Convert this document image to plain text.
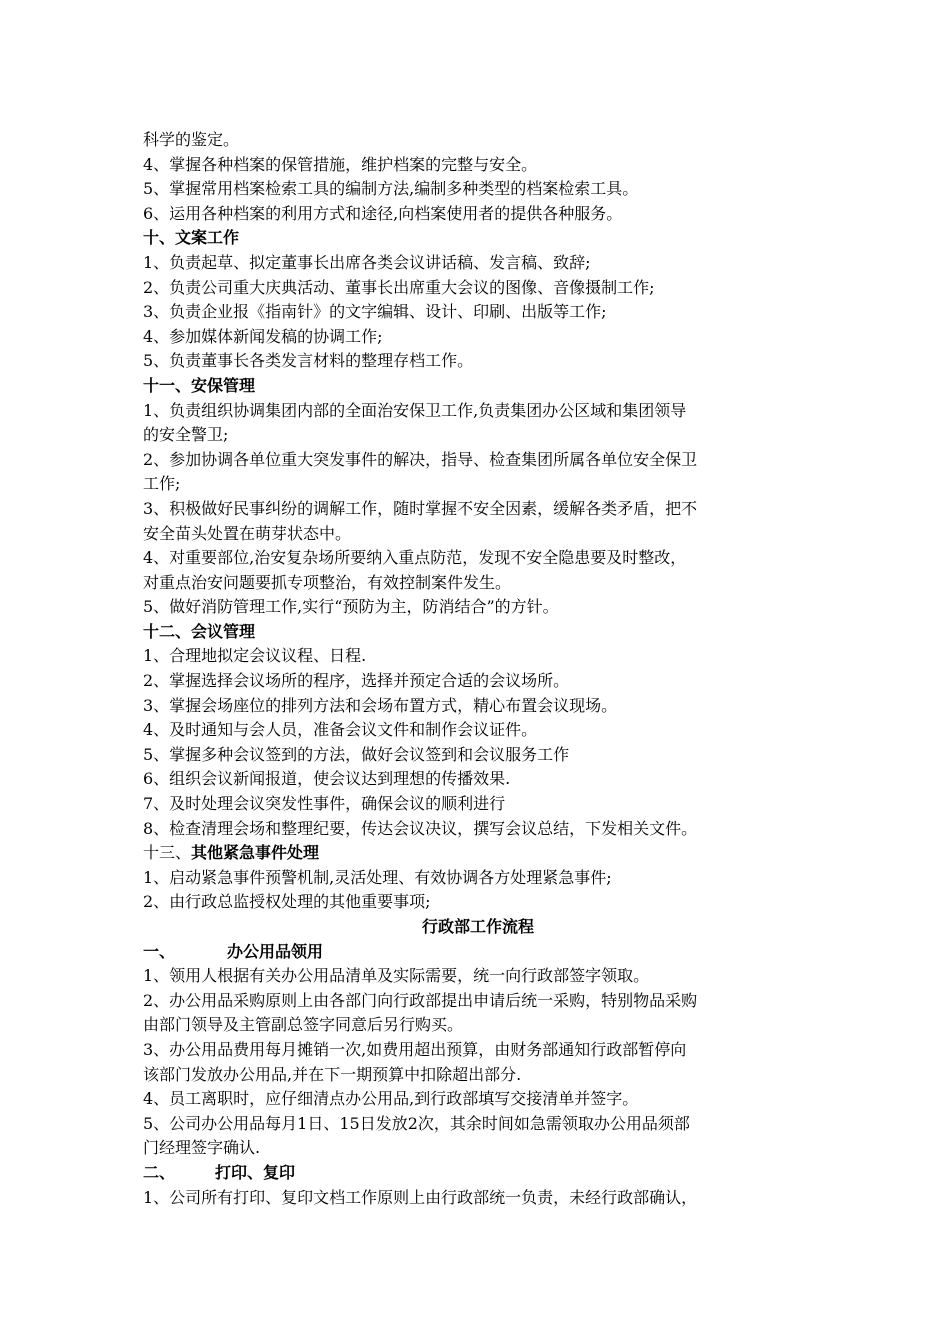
科学的鉴定。
4、掌握各种档案的保管措施，维护档案的完整与安全。
5、掌握常用档案检索工具的编制方法,编制多种类型的档案检索工具。
6、运用各种档案的利用方式和途径,向档案使用者的提供各种服务。
十、文案工作
1、负责起草、拟定董事长出席各类会议讲话稿、发言稿、致辞;
2、负责公司重大庆典活动、董事长出席重大会议的图像、音像摄制工作;
3、负责企业报《指南针》的文字编辑、设计、印刷、出版等工作;
4、参加媒体新闻发稿的协调工作;
5、负责董事长各类发言材料的整理存档工作。
十一、安保管理
1、负责组织协调集团内部的全面治安保卫工作,负责集团办公区域和集团领导
的安全警卫;
2、参加协调各单位重大突发事件的解决，指导、检查集团所属各单位安全保卫
工作;
3、积极做好民事纠纷的调解工作，随时掌握不安全因素，缓解各类矛盾，把不
安全苗头处置在萌芽状态中。
4、对重要部位,治安复杂场所要纳入重点防范，发现不安全隐患要及时整改，
对重点治安问题要抓专项整治，有效控制案件发生。
5、做好消防管理工作,实行“预防为主，防消结合”的方针。
十二、会议管理
1、合理地拟定会议议程、日程.
2、掌握选择会议场所的程序，选择并预定合适的会议场所。
3、掌握会场座位的排列方法和会场布置方式，精心布置会议现场。
4、及时通知与会人员，准备会议文件和制作会议证件。
5、掌握多种会议签到的方法，做好会议签到和会议服务工作
6、组织会议新闻报道，使会议达到理想的传播效果.
7、及时处理会议突发性事件，确保会议的顺利进行
8、检查清理会场和整理纪要，传达会议决议，撰写会议总结，下发相关文件。
十三、其他紧急事件处理
1、启动紧急事件预警机制,灵活处理、有效协调各方处理紧急事件;
2、由行政总监授权处理的其他重要事项;
行政部工作流程
一、	办公用品领用
1、领用人根据有关办公用品清单及实际需要，统一向行政部签字领取。
2、办公用品采购原则上由各部门向行政部提出申请后统一采购，特别物品采购
由部门领导及主管副总签字同意后另行购买。
3、办公用品费用每月摊销一次,如费用超出预算，由财务部通知行政部暂停向
该部门发放办公用品,并在下一期预算中扣除超出部分.
4、员工离职时，应仔细清点办公用品,到行政部填写交接清单并签字。
5、公司办公用品每月1日、15日发放2次，其余时间如急需领取办公用品须部
门经理签字确认.
二、	打印、复印
1、公司所有打印、复印文档工作原则上由行政部统一负责，未经行政部确认，
